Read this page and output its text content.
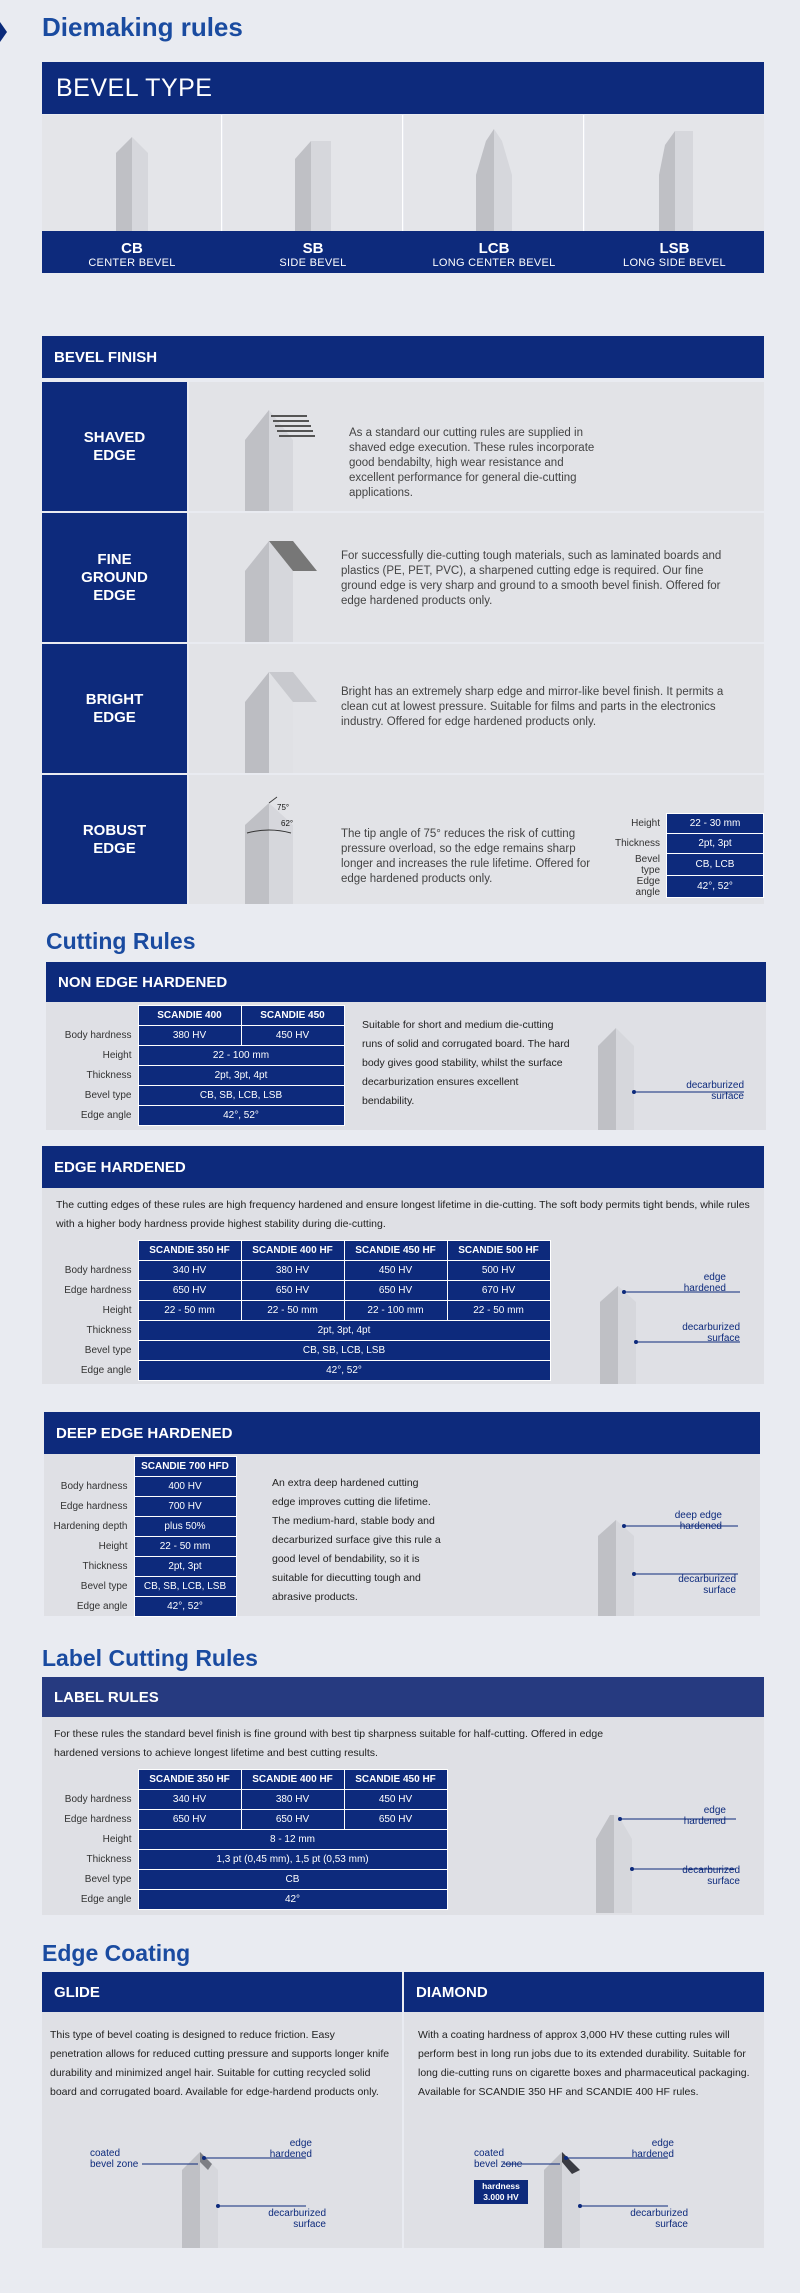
Diemaking rules
BEVEL TYPE
CB
CENTER BEVEL
SB
SIDE BEVEL
LCB
LONG CENTER BEVEL
LSB
LONG SIDE BEVEL
BEVEL FINISH
SHAVED
EDGE
As a standard our cutting rules are supplied in shaved edge execution. These rules incorporate good bendabilty, high wear resistance and excellent performance for general die-cutting applications.
FINE
GROUND
EDGE
For successfully die-cutting tough materials, such as laminated boards and plastics (PE, PET, PVC), a sharpened cutting edge is required. Our fine ground edge is very sharp and ground to a smooth bevel finish. Offered for edge hardened products only.
BRIGHT
EDGE
Bright has an extremely sharp edge and mirror-like bevel finish. It permits a clean cut at lowest pressure. Suitable for films and parts in the electronics industry. Offered for edge hardened products only.
ROBUST
EDGE
75°
62°
The tip angle of 75° reduces the risk of cutting pressure overload, so the edge remains sharp longer and increases the rule lifetime. Offered for edge hardened products only.
Height	22 - 30 mm
Thickness	2pt, 3pt
Bevel type	CB, LCB
Edge angle	42°, 52°
Cutting Rules
NON EDGE HARDENED
	SCANDIE 400	SCANDIE 450
Body hardness	380 HV	450 HV
Height	22 - 100 mm	
Thickness	2pt, 3pt, 4pt	
Bevel type	CB, SB, LCB, LSB	
Edge angle	42°, 52°	
Suitable for short and medium die-cutting runs of solid and corrugated board. The hard body gives good stability, whilst the surface decarburization ensures excellent bendability.
decarburized
surface
EDGE HARDENED
The cutting edges of these rules are high frequency hardened and ensure longest lifetime in die-cutting. The soft body permits tight bends, while rules with a higher body hardness provide highest stability during die-cutting.
	SCANDIE 350 HF	SCANDIE 400 HF	SCANDIE 450 HF	SCANDIE 500 HF
Body hardness	340 HV	380 HV	450 HV	500 HV
Edge hardness	650 HV	650 HV	650 HV	670 HV
Height	22 - 50 mm	22 - 50 mm	22 - 100 mm	22 - 50 mm
Thickness	2pt, 3pt, 4pt			
Bevel type	CB, SB, LCB, LSB			
Edge angle	42°, 52°			
edge
hardened
decarburized
surface
DEEP EDGE HARDENED
	SCANDIE 700 HFD
Body hardness	400 HV
Edge hardness	700 HV
Hardening depth	plus 50%
Height	22 - 50 mm
Thickness	2pt, 3pt
Bevel type	CB, SB, LCB, LSB
Edge angle	42°, 52°
An extra deep hardened cutting edge improves cutting die lifetime. The medium-hard, stable body and decarburized surface give this rule a good level of bendability, so it is suitable for diecutting tough and abrasive products.
deep edge
hardened
decarburized
surface
Label Cutting Rules
LABEL RULES
For these rules the standard bevel finish is fine ground with best tip sharpness suitable for half-cutting. Offered in edge hardened versions to achieve longest lifetime and best cutting results.
	SCANDIE 350 HF	SCANDIE 400 HF	SCANDIE 450 HF
Body hardness	340 HV	380 HV	450 HV
Edge hardness	650 HV	650 HV	650 HV
Height	8 - 12 mm		
Thickness	1,3 pt (0,45 mm), 1,5 pt (0,53 mm)		
Bevel type	CB		
Edge angle	42°		
edge
hardened
decarburized
surface
Edge Coating
GLIDE	DIAMOND
This type of bevel coating is designed to reduce friction. Easy penetration allows for reduced cutting pressure and supports longer knife durability and minimized angel hair. Suitable for cutting recycled solid board and corrugated board. Available for edge-hardend products only.
coated
bevel zone
edge
hardened
decarburized
surface
With a coating hardness of approx 3,000 HV these cutting rules will perform best in long run jobs due to its extended durability. Suitable for long die-cutting runs on cigarette boxes and pharmaceutical packaging. Available for SCANDIE 350 HF and SCANDIE 400 HF rules.
coated
bevel zone
hardness
3.000 HV
edge
hardened
decarburized
surface
